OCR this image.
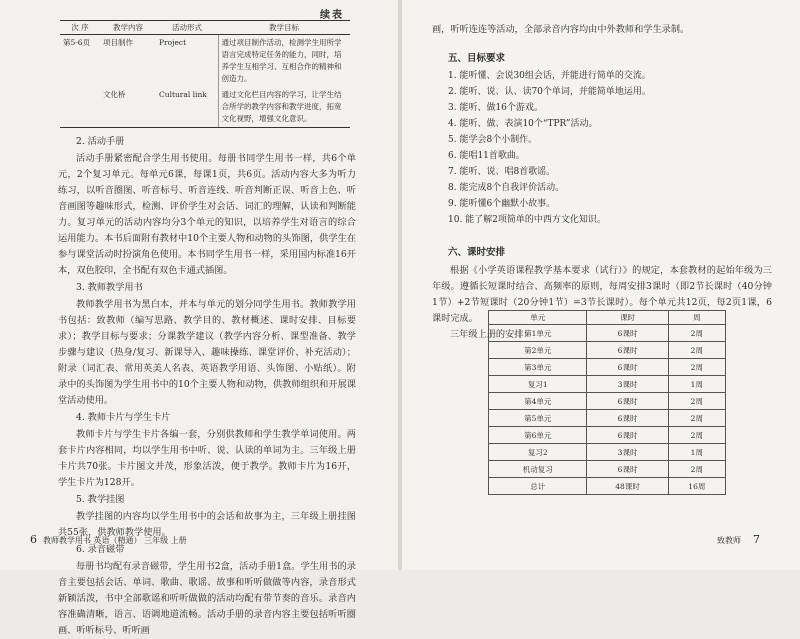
续表
次 序	教学内容	活动形式	教学目标
第5-6页	项目制作	Project	通过项目制作活动，检测学生用所学语言完成特定任务的能力，同时，培养学生互相学习、互相合作的精神和创造力。
	文化桥	Cultural link	通过文化栏目内容的学习，让学生结合所学的教学内容和教学进度，拓宽文化视野，增强文化意识。
2. 活动手册

活动手册紧密配合学生用书使用。每册书同学生用书一样，共6个单元，2个复习单元。每单元6课，每课1页，共6页。活动内容大多为听力练习，以听音圈图、听音标号、听音连线、听音判断正误、听音上色、听音画图等趣味形式，检测、评价学生对会话、词汇的理解，认读和判断能力。复习单元的活动内容均分3个单元的知识，以培养学生对语言的综合运用能力。本书后面附有教材中10个主要人物和动物的头饰图，供学生在参与课堂活动时扮演角色使用。本书同学生用书一样，采用国内标准16开本，双色胶印，全书配有双色卡通式插图。

3. 教师教学用书

教师教学用书为黑白本，并本与单元的划分同学生用书。教师教学用书包括：致教师（编写思路、教学目的、教材概述、课时安排、目标要求）；教学目标与要求；分课教学建议（教学内容分析、课型准备、教学步骤与建议（热身/复习、新课导入、趣味操练、课堂评价、补充活动）；附录（词汇表、常用英美人名表、英语教学用语、头饰图、小贴纸）。附录中的头饰图为学生用书中的10个主要人物和动物，供教师组织和开展课堂活动使用。

4. 教师卡片与学生卡片

教师卡片与学生卡片各编一套，分别供教师和学生教学单词使用。两套卡片内容相同，均以学生用书中听、说、认读的单词为主。三年级上册卡片共70张。卡片图文并茂，形象活泼，便于教学。教师卡片为16开，学生卡片为128开。

5. 教学挂图

教学挂图的内容均以学生用书中的会话和故事为主，三年级上册挂图共55张，供教师教学使用。

6. 录音磁带

每册书均配有录音磁带，学生用书2盒，活动手册1盒。学生用书的录音主要包括会话、单词、歌曲、歌谣、故事和听听做做等内容，录音形式新颖活泼，书中全部歌谣和听听做做的活动均配有带节奏的音乐。录音内容准确清晰，语言、语调地道流畅。活动手册的录音内容主要包括听听圈画、听听标号、听听画

6 教师教学用书 英语（精通） 三年级 上册

画，听听连连等活动，全部录音内容均由中外教师和学生录制。

五、目标要求
1. 能听懂、会说30组会话，并能进行简单的交流。
2. 能听、说、认、读70个单词，并能简单地运用。
3. 能听、做16个游戏。
4. 能听、做、表演10个“TPR”活动。
5. 能学会8个小制作。
6. 能唱11首歌曲。
7. 能听、说、唱8首歌谣。
8. 能完成8个自我评价活动。
9. 能听懂6个幽默小故事。
10. 能了解2项简单的中西方文化知识。
六、课时安排

根据《小学英语课程教学基本要求（试行）》的规定，本套教材的起始年级为三年级。遵循长短课时结合、高频率的原则，每周安排3课时（即2节长课时（40分钟1节）+2节短课时（20分钟1节）=3节长课时）。每个单元共12页，每2页1课，6课时完成。

三年级上册的安排：

单元	课时	周
第1单元	6课时	2周
第2单元	6课时	2周
第3单元	6课时	2周
复习1	3课时	1周
第4单元	6课时	2周
第5单元	6课时	2周
第6单元	6课时	2周
复习2	3课时	1周
机动复习	6课时	2周
总计	48课时	16周
致教师 7
